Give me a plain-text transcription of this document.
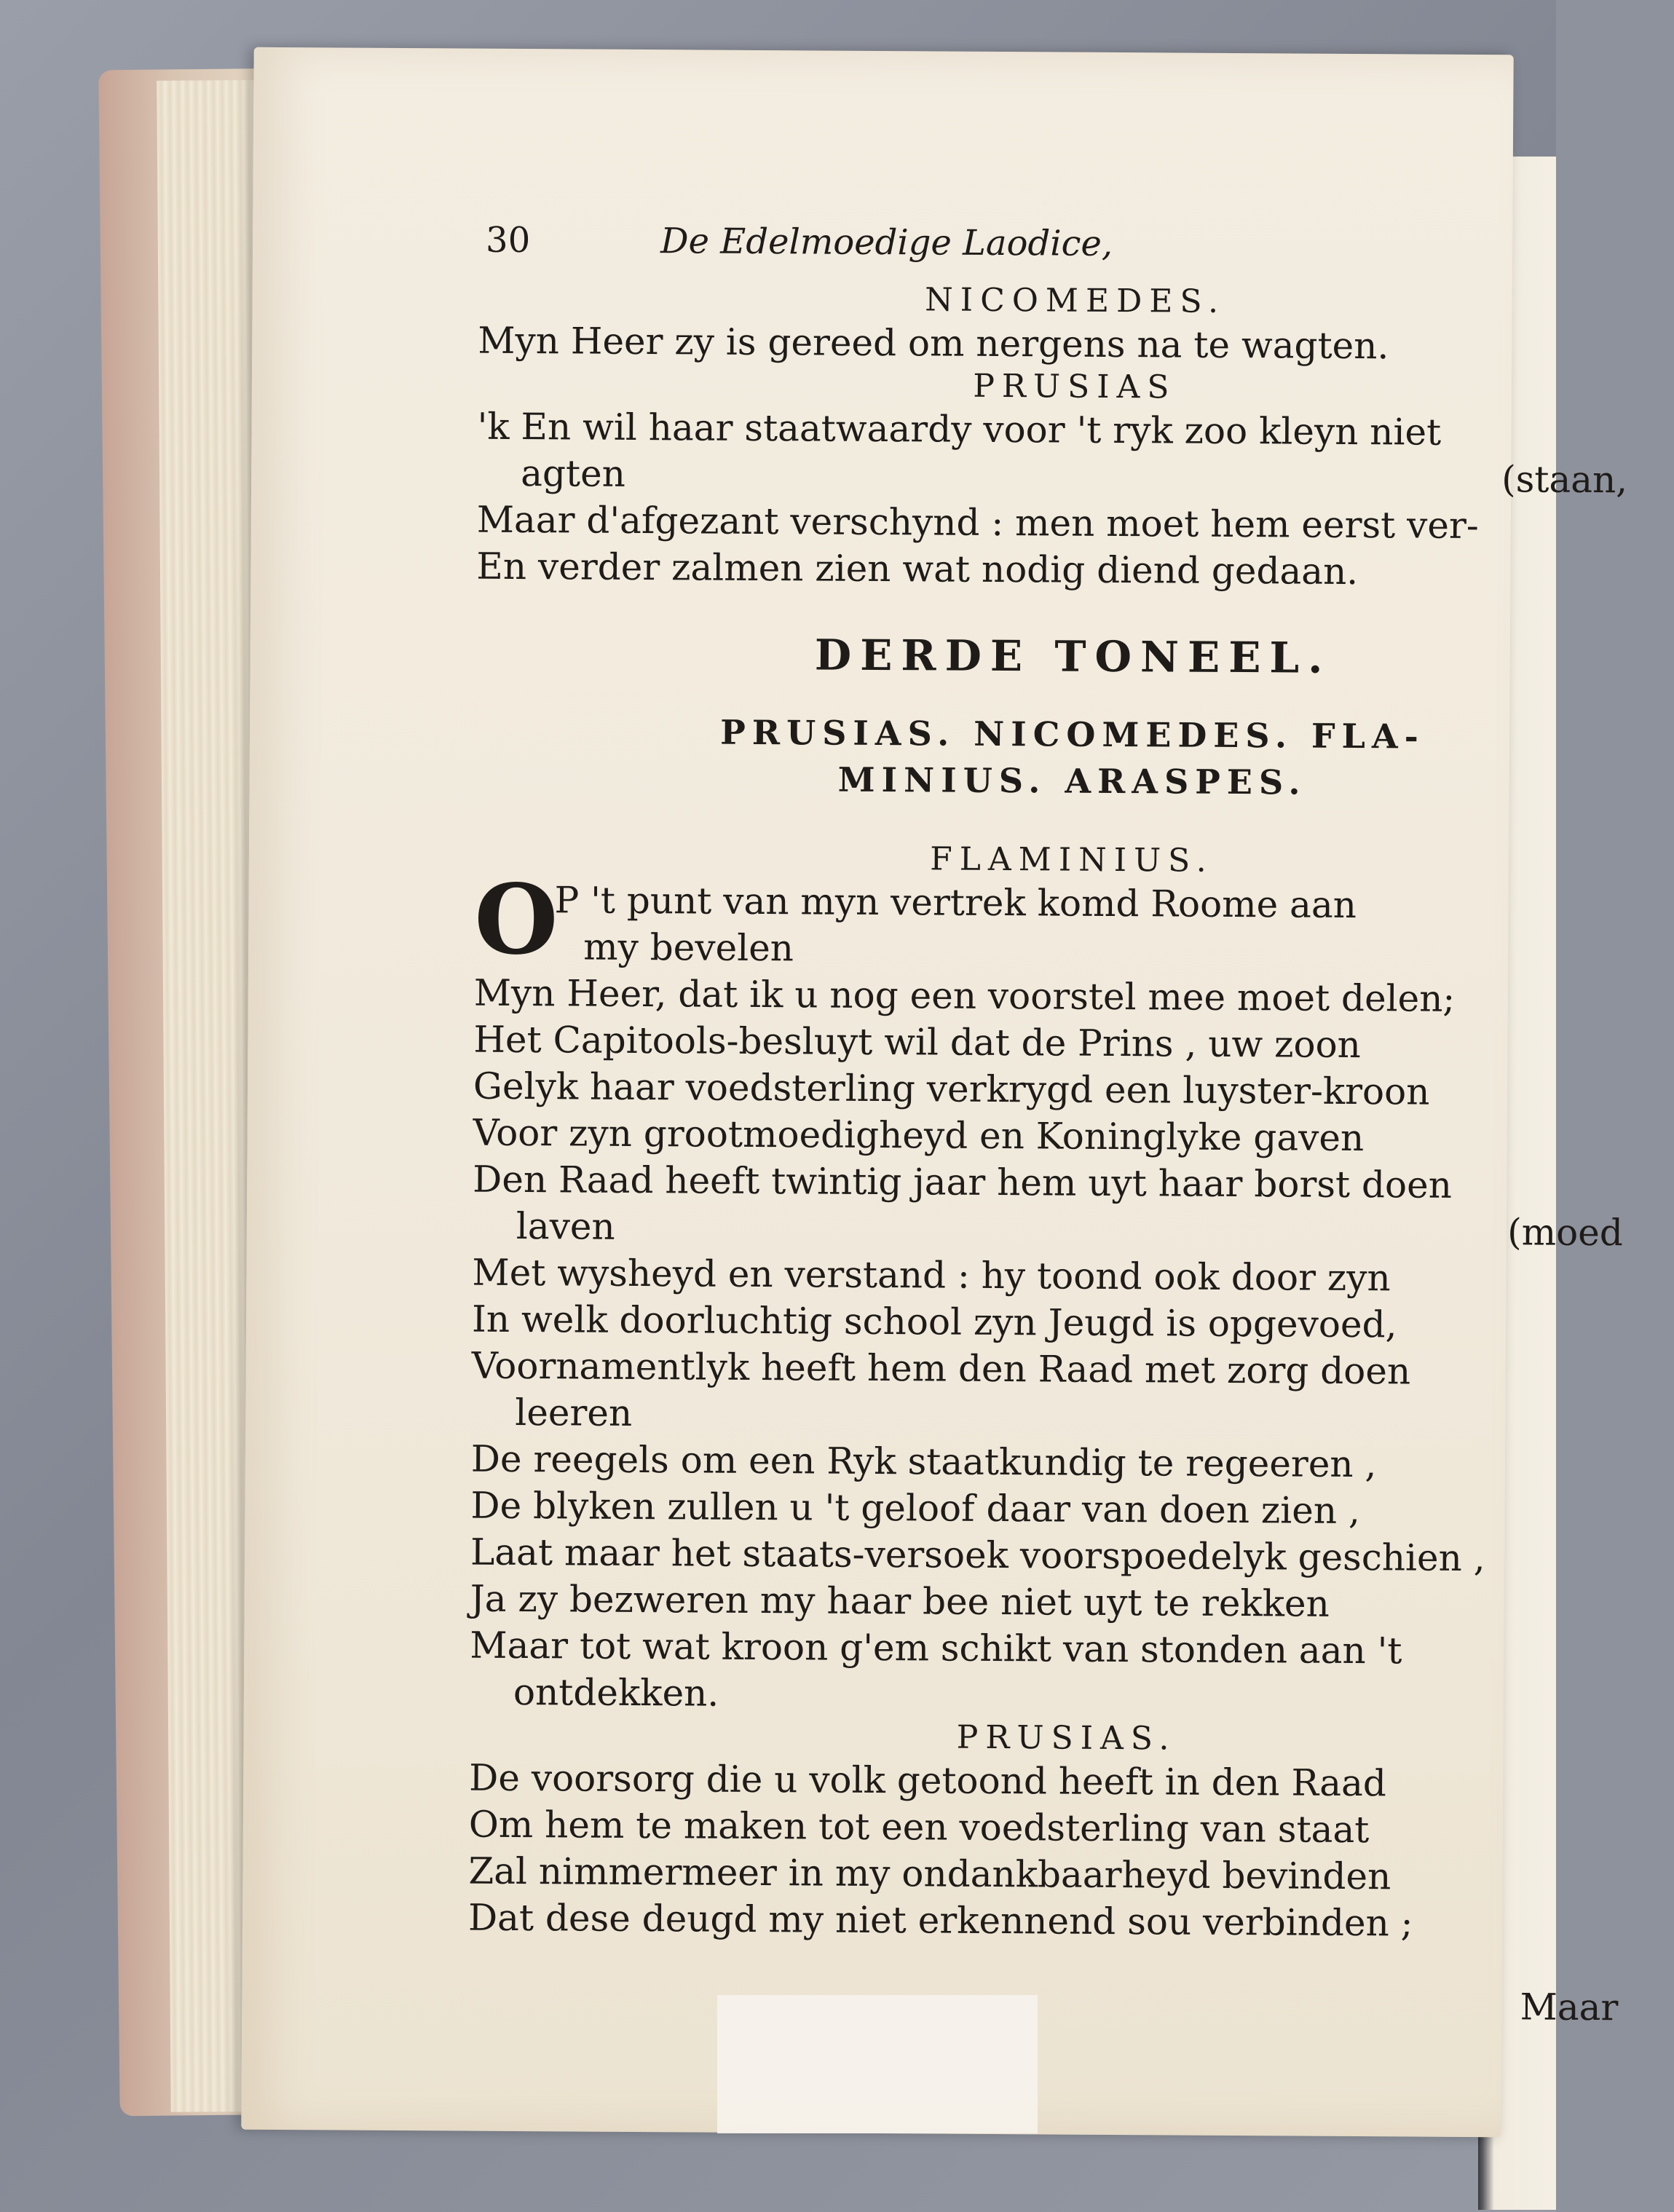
30	De Edelmoedige Laodice,

NICOMEDES.

Myn Heer zy is gereed om nergens na te wagten.

PRUSIAS

'k En wil haar staatwaardy voor 't ryk zoo kleyn niet

agten	(staan,

Maar d'afgezant verschynd : men moet hem eerst ver-

En verder zalmen zien wat nodig diend gedaan.

DERDE TONEEL.

PRUSIAS. NICOMEDES. FLA-
MINIUS. ARASPES.

FLAMINIUS.

O

P 't punt van myn vertrek komd Roome aan

my bevelen

Myn Heer, dat ik u nog een voorstel mee moet delen;

Het Capitools-besluyt wil dat de Prins , uw zoon

Gelyk haar voedsterling verkrygd een luyster-kroon

Voor zyn grootmoedigheyd en Koninglyke gaven

Den Raad heeft twintig jaar hem uyt haar borst doen

laven	(moed

Met wysheyd en verstand : hy toond ook door zyn

In welk doorluchtig school zyn Jeugd is opgevoed,

Voornamentlyk heeft hem den Raad met zorg doen

leeren

De reegels om een Ryk staatkundig te regeeren ,

De blyken zullen u 't geloof daar van doen zien ,

Laat maar het staats-versoek voorspoedelyk geschien ,

Ja zy bezweren my haar bee niet uyt te rekken

Maar tot wat kroon g'em schikt van stonden aan 't

ontdekken.

PRUSIAS.

De voorsorg die u volk getoond heeft in den Raad

Om hem te maken tot een voedsterling van staat

Zal nimmermeer in my ondankbaarheyd bevinden

Dat dese deugd my niet erkennend sou verbinden ;

Maar
